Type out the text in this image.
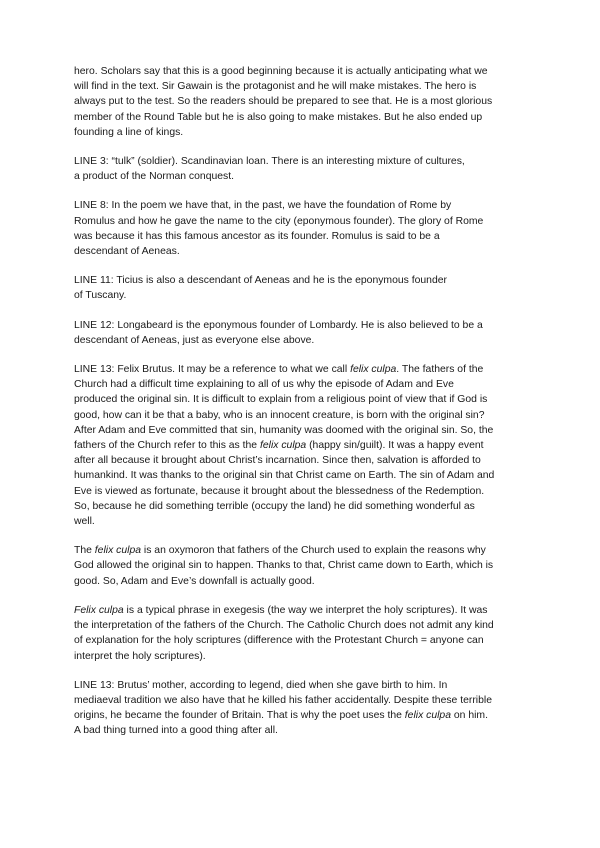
hero. Scholars say that this is a good beginning because it is actually anticipating what we
will find in the text. Sir Gawain is the protagonist and he will make mistakes. The hero is
always put to the test. So the readers should be prepared to see that. He is a most glorious
member of the Round Table but he is also going to make mistakes. But he also ended up
founding a line of kings.

LINE 3: “tulk” (soldier). Scandinavian loan. There is an interesting mixture of cultures,
a product of the Norman conquest.

LINE 8: In the poem we have that, in the past, we have the foundation of Rome by
Romulus and how he gave the name to the city (eponymous founder). The glory of Rome
was because it has this famous ancestor as its founder. Romulus is said to be a
descendant of Aeneas.

LINE 11: Ticius is also a descendant of Aeneas and he is the eponymous founder
of Tuscany.

LINE 12: Longabeard is the eponymous founder of Lombardy. He is also believed to be a
descendant of Aeneas, just as everyone else above.

LINE 13: Felix Brutus. It may be a reference to what we call felix culpa. The fathers of the
Church had a difficult time explaining to all of us why the episode of Adam and Eve
produced the original sin. It is difficult to explain from a religious point of view that if God is
good, how can it be that a baby, who is an innocent creature, is born with the original sin?
After Adam and Eve committed that sin, humanity was doomed with the original sin. So, the
fathers of the Church refer to this as the felix culpa (happy sin/guilt). It was a happy event
after all because it brought about Christ’s incarnation. Since then, salvation is afforded to
humankind. It was thanks to the original sin that Christ came on Earth. The sin of Adam and
Eve is viewed as fortunate, because it brought about the blessedness of the Redemption.
So, because he did something terrible (occupy the land) he did something wonderful as
well.

The felix culpa is an oxymoron that fathers of the Church used to explain the reasons why
God allowed the original sin to happen. Thanks to that, Christ came down to Earth, which is
good. So, Adam and Eve’s downfall is actually good.

Felix culpa is a typical phrase in exegesis (the way we interpret the holy scriptures). It was
the interpretation of the fathers of the Church. The Catholic Church does not admit any kind
of explanation for the holy scriptures (difference with the Protestant Church = anyone can
interpret the holy scriptures).

LINE 13: Brutus’ mother, according to legend, died when she gave birth to him. In
mediaeval tradition we also have that he killed his father accidentally. Despite these terrible
origins, he became the founder of Britain. That is why the poet uses the felix culpa on him.
A bad thing turned into a good thing after all.
